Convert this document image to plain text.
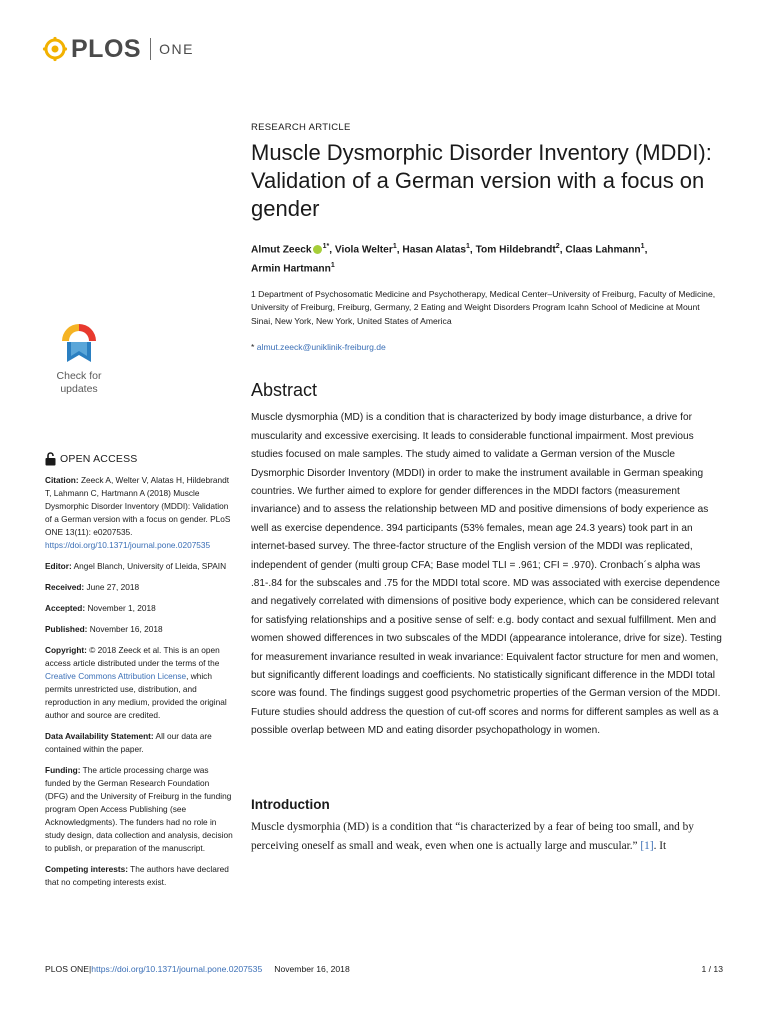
PLOS ONE
Check for
updates
OPEN ACCESS

Citation: Zeeck A, Welter V, Alatas H, Hildebrandt T, Lahmann C, Hartmann A (2018) Muscle Dysmorphic Disorder Inventory (MDDI): Validation of a German version with a focus on gender. PLoS ONE 13(11): e0207535. https://doi.org/10.1371/journal.pone.0207535

Editor: Angel Blanch, University of Lleida, SPAIN

Received: June 27, 2018

Accepted: November 1, 2018

Published: November 16, 2018

Copyright: © 2018 Zeeck et al. This is an open access article distributed under the terms of the Creative Commons Attribution License, which permits unrestricted use, distribution, and reproduction in any medium, provided the original author and source are credited.

Data Availability Statement: All our data are contained within the paper.

Funding: The article processing charge was funded by the German Research Foundation (DFG) and the University of Freiburg in the funding program Open Access Publishing (see Acknowledgments). The funders had no role in study design, data collection and analysis, decision to publish, or preparation of the manuscript.

Competing interests: The authors have declared that no competing interests exist.

RESEARCH ARTICLE
Muscle Dysmorphic Disorder Inventory (MDDI): Validation of a German version with a focus on gender
Almut Zeeck $^{1*}$, Viola Welter$^1$, Hasan Alatas$^1$, Tom Hildebrandt$^2$, Claas Lahmann$^1$,
Armin Hartmann$^1$
1 Department of Psychosomatic Medicine and Psychotherapy, Medical Center–University of Freiburg, Faculty of Medicine, University of Freiburg, Freiburg, Germany, 2 Eating and Weight Disorders Program Icahn School of Medicine at Mount Sinai, New York, New York, United States of America
* almut.zeeck@uniklinik-freiburg.de
Abstract
Muscle dysmorphia (MD) is a condition that is characterized by body image disturbance, a drive for muscularity and excessive exercising. It leads to considerable functional impairment. Most previous studies focused on male samples. The study aimed to validate a German version of the Muscle Dysmorphic Disorder Inventory (MDDI) in order to make the instrument available in German speaking countries. We further aimed to explore for gender differences in the MDDI factors (measurement invariance) and to assess the relationship between MD and positive dimensions of body experience as well as exercise dependence. 394 participants (53% females, mean age 24.3 years) took part in an internet-based survey. The three-factor structure of the English version of the MDDI was replicated, independent of gender (multi group CFA; Base model TLI = .961; CFI = .970). Cronbach´s alpha was .81-.84 for the subscales and .75 for the MDDI total score. MD was associated with exercise dependence and negatively correlated with dimensions of positive body experience, which can be considered relevant for satisfying relationships and a positive sense of self: e.g. body contact and sexual fulfillment. Men and women showed differences in two subscales of the MDDI (appearance intolerance, drive for size). Testing for measurement invariance resulted in weak invariance: Equivalent factor structure for men and women, but significantly different loadings and coefficients. No statistically significant difference in the MDDI total score was found. The findings suggest good psychometric properties of the German version of the MDDI. Future studies should address the question of cut-off scores and norms for different samples as well as a possible overlap between MD and eating disorder psychopathology in women.
Introduction
Muscle dysmorphia (MD) is a condition that “is characterized by a fear of being too small, and by perceiving oneself as small and weak, even when one is actually large and muscular.” [1]. It
PLOS ONE | https://doi.org/10.1371/journal.pone.0207535 November 16, 2018	1 / 13
